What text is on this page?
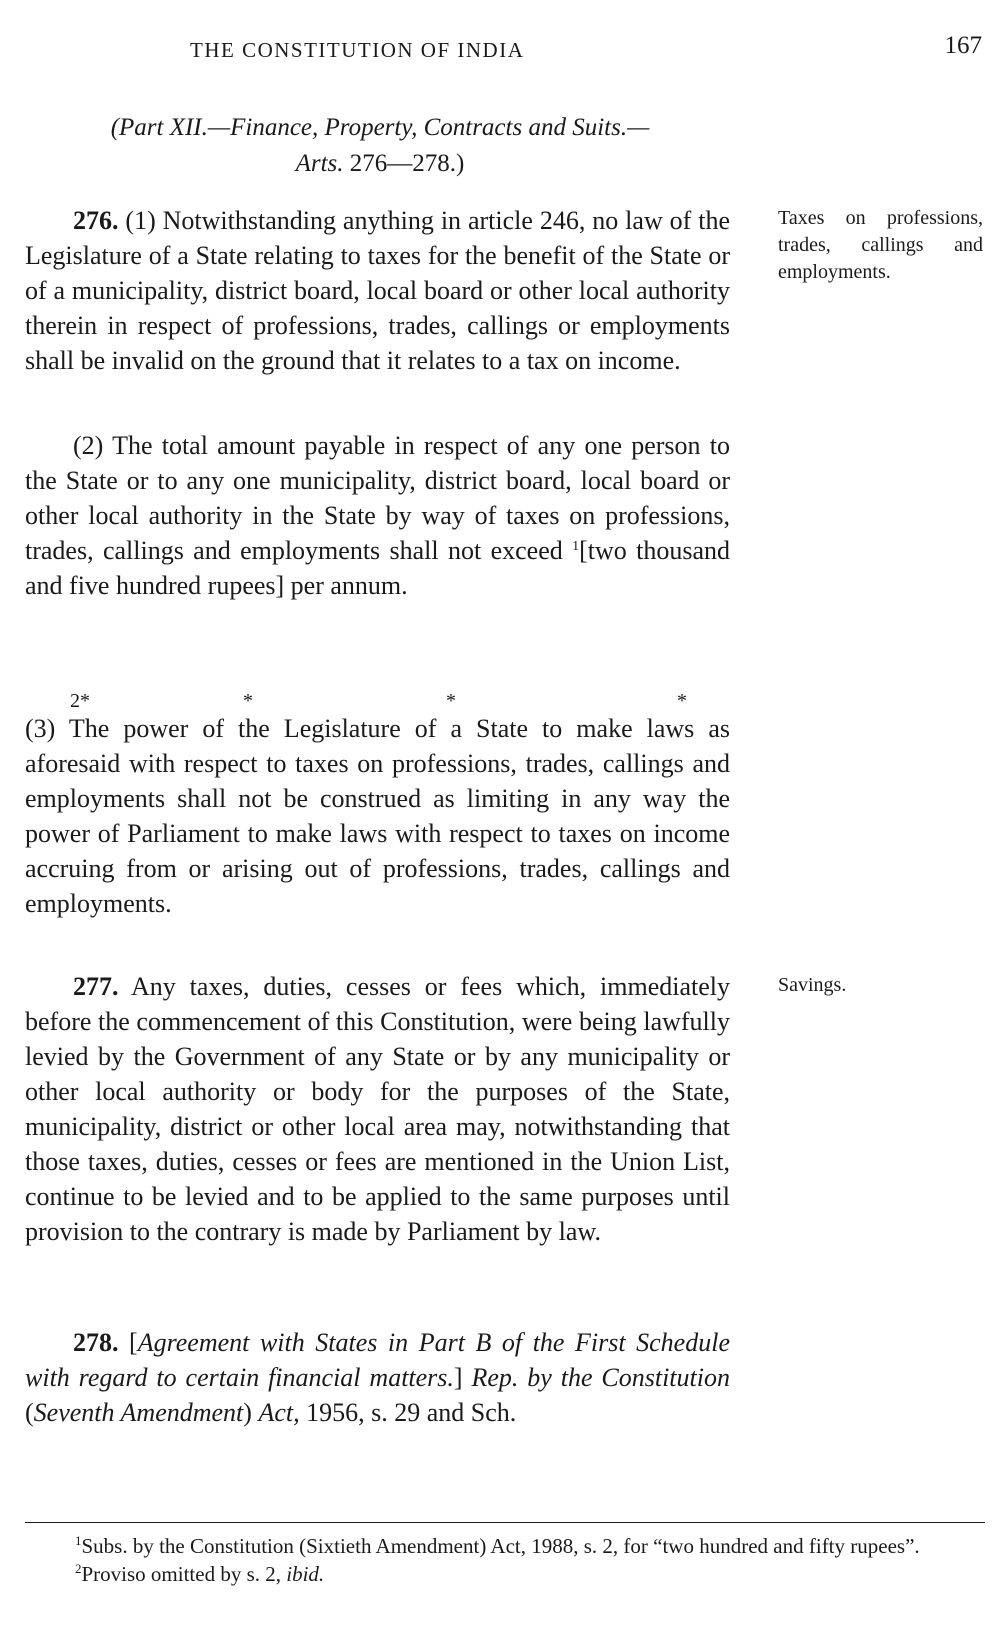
THE CONSTITUTION OF INDIA	167
(Part XII.—Finance, Property, Contracts and Suits.—
Arts. 276—278.)

276. (1) Notwithstanding anything in article 246, no law of the Legislature of a State relating to taxes for the benefit of the State or of a municipality, district board, local board or other local authority therein in respect of professions, trades, callings or employments shall be invalid on the ground that it relates to a tax on income.

Taxes on professions, trades, callings and employments.

(2) The total amount payable in respect of any one person to the State or to any one municipality, district board, local board or other local authority in the State by way of taxes on professions, trades, callings and employments shall not exceed $^1$[two thousand and five hundred rupees] per annum.

2*	*	*	*
(3) The power of the Legislature of a State to make laws as aforesaid with respect to taxes on professions, trades, callings and employments shall not be construed as limiting in any way the power of Parliament to make laws with respect to taxes on income accruing from or arising out of professions, trades, callings and employments.

277. Any taxes, duties, cesses or fees which, immediately before the commencement of this Constitution, were being lawfully levied by the Government of any State or by any municipality or other local authority or body for the purposes of the State, municipality, district or other local area may, notwithstanding that those taxes, duties, cesses or fees are mentioned in the Union List, continue to be levied and to be applied to the same purposes until provision to the contrary is made by Parliament by law.

Savings.

278. [Agreement with States in Part B of the First Schedule with regard to certain financial matters.] Rep. by the Constitution (Seventh Amendment) Act, 1956, s. 29 and Sch.

$^1$Subs. by the Constitution (Sixtieth Amendment) Act, 1988, s. 2, for “two hundred and fifty rupees”.

$^2$Proviso omitted by s. 2, ibid.
